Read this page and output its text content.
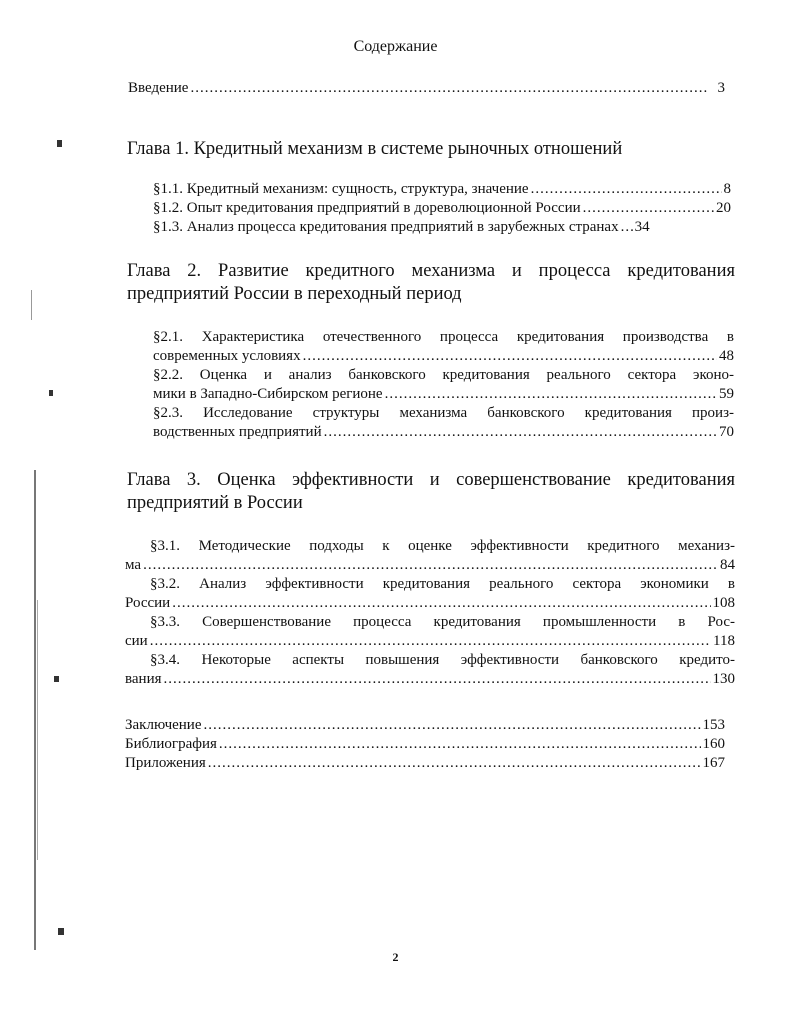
Содержание
Введение .....	3
Глава 1. Кредитный механизм в системе рыночных отношений
§1.1. Кредитный механизм: сущность, структура, значение .....	8
§1.2. Опыт кредитования предприятий в дореволюционной России .....	20
§1.3. Анализ процесса кредитования предприятий в зарубежных странах ..... 34
Глава 2. Развитие кредитного механизма и процесса кредитования
предприятий России в переходный период
§2.1. Характеристика отечественного процесса кредитования производства в
современных условиях .....	48
§2.2. Оценка и анализ банковского кредитования реального сектора эконо-
мики в Западно-Сибирском регионе .....	59
§2.3. Исследование структуры механизма банковского кредитования произ-
водственных предприятий .....	70
Глава 3. Оценка эффективности и совершенствование кредитования
предприятий в России
§3.1. Методические подходы к оценке эффективности кредитного механиз-
ма .....	84
§3.2. Анализ эффективности кредитования реального сектора экономики в
России .....	108
§3.3. Совершенствование процесса кредитования промышленности в Рос-
сии .....	118
§3.4. Некоторые аспекты повышения эффективности банковского кредито-
вания .....	130
Заключение .....	153
Библиография .....	160
Приложения .....	167
2
